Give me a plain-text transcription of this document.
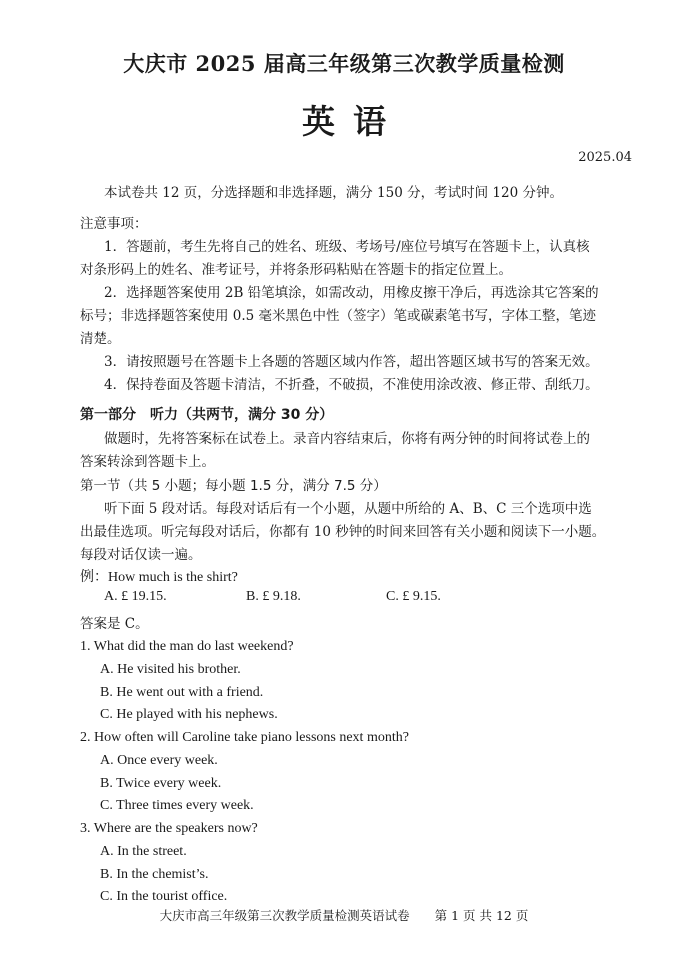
大庆市 2025 届高三年级第三次教学质量检测
英语
2025.04
本试卷共 12 页，分选择题和非选择题，满分 150 分，考试时间 120 分钟。
注意事项：
1．答题前，考生先将自己的姓名、班级、考场号/座位号填写在答题卡上，认真核
对条形码上的姓名、准考证号，并将条形码粘贴在答题卡的指定位置上。
2．选择题答案使用 2B 铅笔填涂，如需改动，用橡皮擦干净后，再选涂其它答案的
标号；非选择题答案使用 0.5 毫米黑色中性（签字）笔或碳素笔书写，字体工整，笔迹
清楚。
3．请按照题号在答题卡上各题的答题区域内作答，超出答题区域书写的答案无效。
4．保持卷面及答题卡清洁，不折叠，不破损，不准使用涂改液、修正带、刮纸刀。
第一部分　听力（共两节，满分 30 分）
做题时，先将答案标在试卷上。录音内容结束后，你将有两分钟的时间将试卷上的
答案转涂到答题卡上。
第一节（共 5 小题；每小题 1.5 分，满分 7.5 分）
听下面 5 段对话。每段对话后有一个小题，从题中所给的 A、B、C 三个选项中选
出最佳选项。听完每段对话后，你都有 10 秒钟的时间来回答有关小题和阅读下一小题。
每段对话仅读一遍。
例：How much is the shirt?
A. £ 19.15.	B. £ 9.18.	C. £ 9.15.
答案是 C。
1. What did the man do last weekend?
A. He visited his brother.
B. He went out with a friend.
C. He played with his nephews.
2. How often will Caroline take piano lessons next month?
A. Once every week.
B. Twice every week.
C. Three times every week.
3. Where are the speakers now?
A. In the street.
B. In the chemist’s.
C. In the tourist office.
大庆市高三年级第三次教学质量检测英语试卷　　第 1 页 共 12 页
